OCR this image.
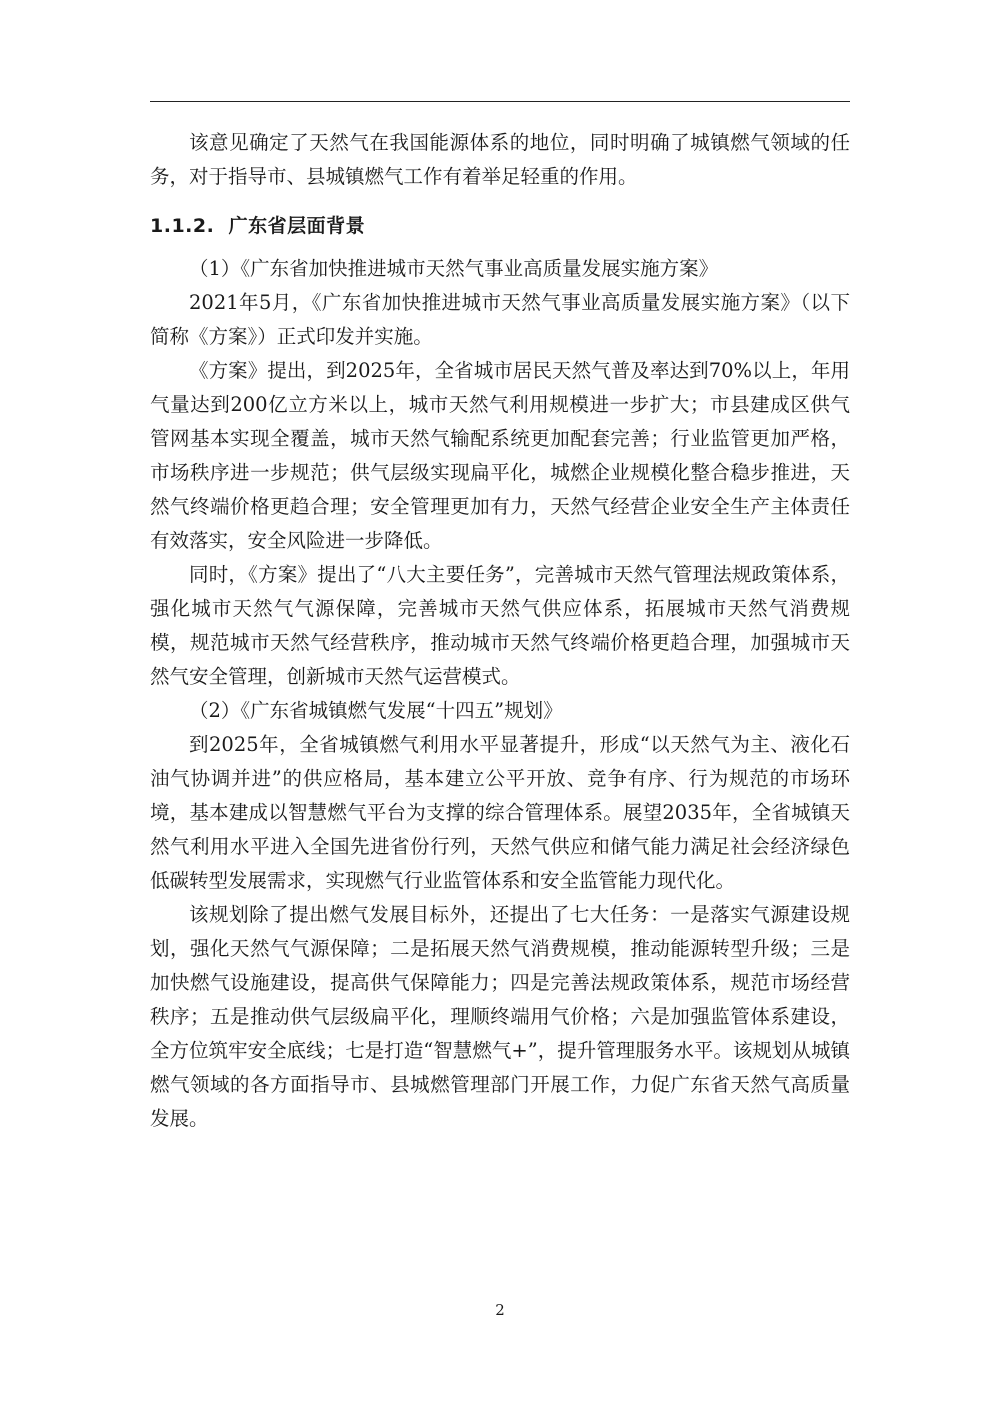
该意见确定了天然气在我国能源体系的地位，同时明确了城镇燃气领域的任务，对于指导市、县城镇燃气工作有着举足轻重的作用。

1.1.2. 广东省层面背景

（1）《广东省加快推进城市天然气事业高质量发展实施方案》

2021年5月，《广东省加快推进城市天然气事业高质量发展实施方案》（以下简称《方案》）正式印发并实施。

《方案》提出，到2025年，全省城市居民天然气普及率达到70%以上，年用气量达到200亿立方米以上，城市天然气利用规模进一步扩大；市县建成区供气管网基本实现全覆盖，城市天然气输配系统更加配套完善；行业监管更加严格，市场秩序进一步规范；供气层级实现扁平化，城燃企业规模化整合稳步推进，天然气终端价格更趋合理；安全管理更加有力，天然气经营企业安全生产主体责任有效落实，安全风险进一步降低。

同时，《方案》提出了“八大主要任务”，完善城市天然气管理法规政策体系，强化城市天然气气源保障，完善城市天然气供应体系，拓展城市天然气消费规模，规范城市天然气经营秩序，推动城市天然气终端价格更趋合理，加强城市天然气安全管理，创新城市天然气运营模式。

（2）《广东省城镇燃气发展“十四五”规划》

到2025年，全省城镇燃气利用水平显著提升，形成“以天然气为主、液化石油气协调并进”的供应格局，基本建立公平开放、竞争有序、行为规范的市场环境，基本建成以智慧燃气平台为支撑的综合管理体系。展望2035年，全省城镇天然气利用水平进入全国先进省份行列，天然气供应和储气能力满足社会经济绿色低碳转型发展需求，实现燃气行业监管体系和安全监管能力现代化。

该规划除了提出燃气发展目标外，还提出了七大任务：一是落实气源建设规划，强化天然气气源保障；二是拓展天然气消费规模，推动能源转型升级；三是加快燃气设施建设，提高供气保障能力；四是完善法规政策体系，规范市场经营秩序；五是推动供气层级扁平化，理顺终端用气价格；六是加强监管体系建设，全方位筑牢安全底线；七是打造“智慧燃气+”，提升管理服务水平。该规划从城镇燃气领域的各方面指导市、县城燃管理部门开展工作，力促广东省天然气高质量发展。

2
